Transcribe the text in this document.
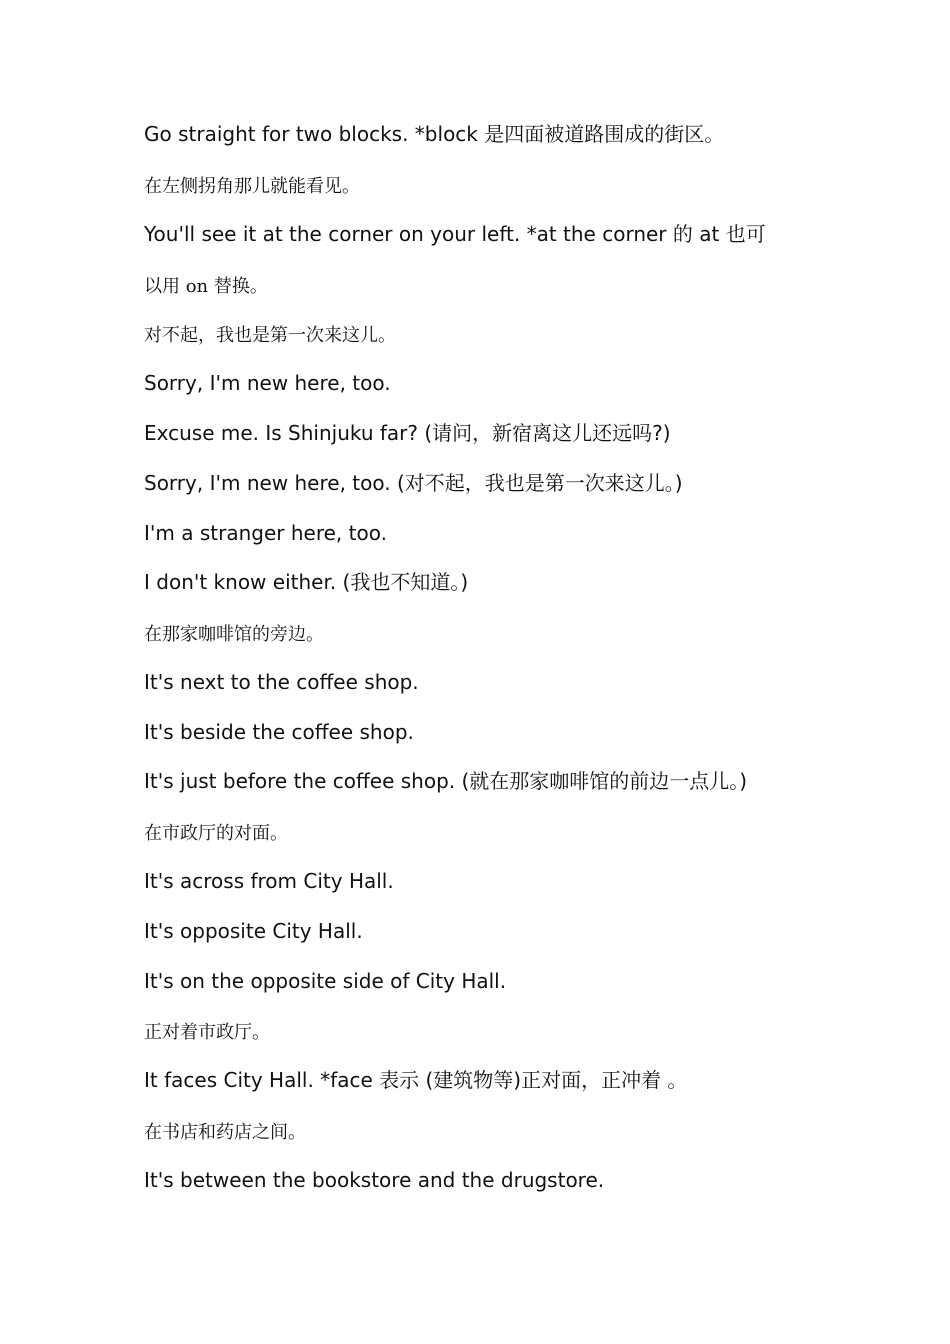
Go straight for two blocks. *block 是四面被道路围成的街区。
在左侧拐角那儿就能看见。
You'll see it at the corner on your left. *at the corner 的 at 也可
以用 on 替换。
对不起，我也是第一次来这儿。
Sorry, I'm new here, too.
Excuse me. Is Shinjuku far? (请问，新宿离这儿还远吗?)
Sorry, I'm new here, too. (对不起，我也是第一次来这儿。)
I'm a stranger here, too.
I don't know either. (我也不知道。)
在那家咖啡馆的旁边。
It's next to the coffee shop.
It's beside the coffee shop.
It's just before the coffee shop. (就在那家咖啡馆的前边一点儿。)
在市政厅的对面。
It's across from City Hall.
It's opposite City Hall.
It's on the opposite side of City Hall.
正对着市政厅。
It faces City Hall. *face 表示 (建筑物等)正对面，正冲着 。
在书店和药店之间。
It's between the bookstore and the drugstore.
